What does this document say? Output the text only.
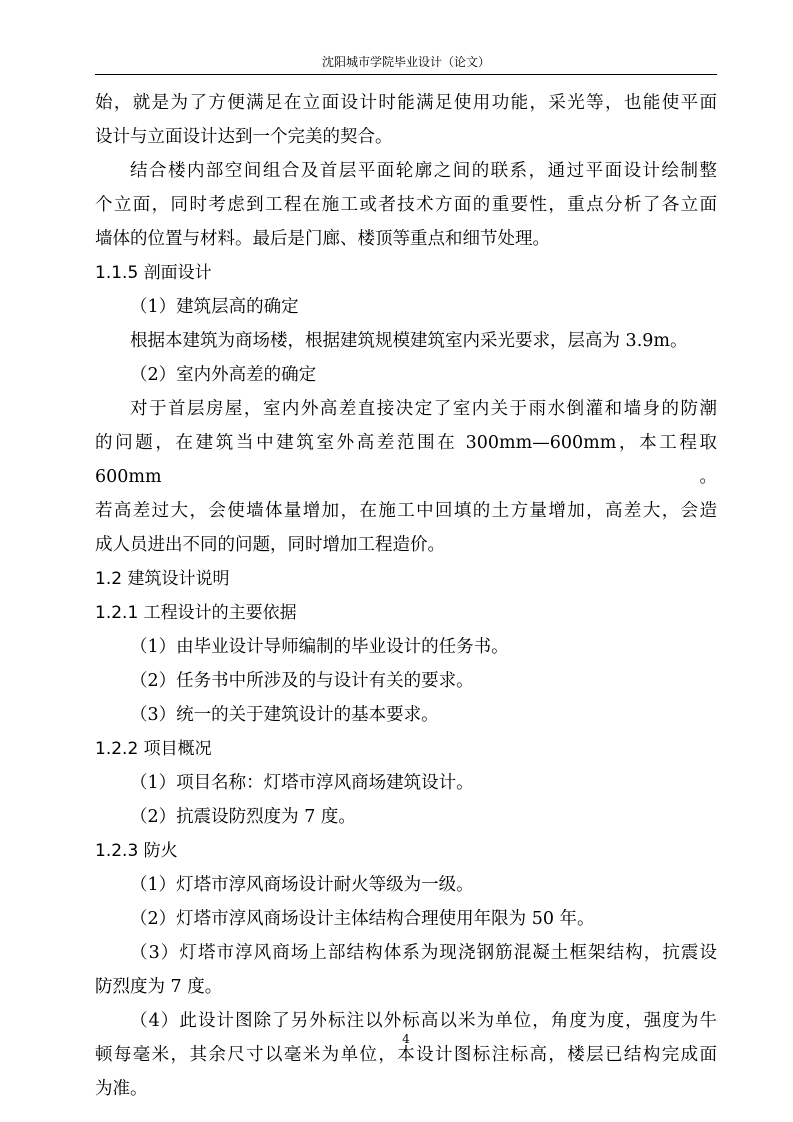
沈阳城市学院毕业设计（论文）

始，就是为了方便满足在立面设计时能满足使用功能，采光等，也能使平面

设计与立面设计达到一个完美的契合。

结合楼内部空间组合及首层平面轮廓之间的联系，通过平面设计绘制整

个立面，同时考虑到工程在施工或者技术方面的重要性，重点分析了各立面

墙体的位置与材料。最后是门廊、楼顶等重点和细节处理。

1.1.5 剖面设计

（1）建筑层高的确定

根据本建筑为商场楼，根据建筑规模建筑室内采光要求，层高为 3.9m。

（2）室内外高差的确定

对于首层房屋，室内外高差直接决定了室内关于雨水倒灌和墙身的防潮

的问题，在建筑当中建筑室外高差范围在 300mm—600mm，本工程取 600mm。

若高差过大，会使墙体量增加，在施工中回填的土方量增加，高差大，会造

成人员进出不同的问题，同时增加工程造价。

1.2 建筑设计说明

1.2.1 工程设计的主要依据

（1）由毕业设计导师编制的毕业设计的任务书。

（2）任务书中所涉及的与设计有关的要求。

（3）统一的关于建筑设计的基本要求。

1.2.2 项目概况

（1）项目名称：灯塔市淳风商场建筑设计。

（2）抗震设防烈度为 7 度。

1.2.3 防火

（1）灯塔市淳风商场设计耐火等级为一级。

（2）灯塔市淳风商场设计主体结构合理使用年限为 50 年。

（3）灯塔市淳风商场上部结构体系为现浇钢筋混凝土框架结构，抗震设

防烈度为 7 度。

（4）此设计图除了另外标注以外标高以米为单位，角度为度，强度为牛

顿每毫米，其余尺寸以毫米为单位，本设计图标注标高，楼层已结构完成面

为准。

4
